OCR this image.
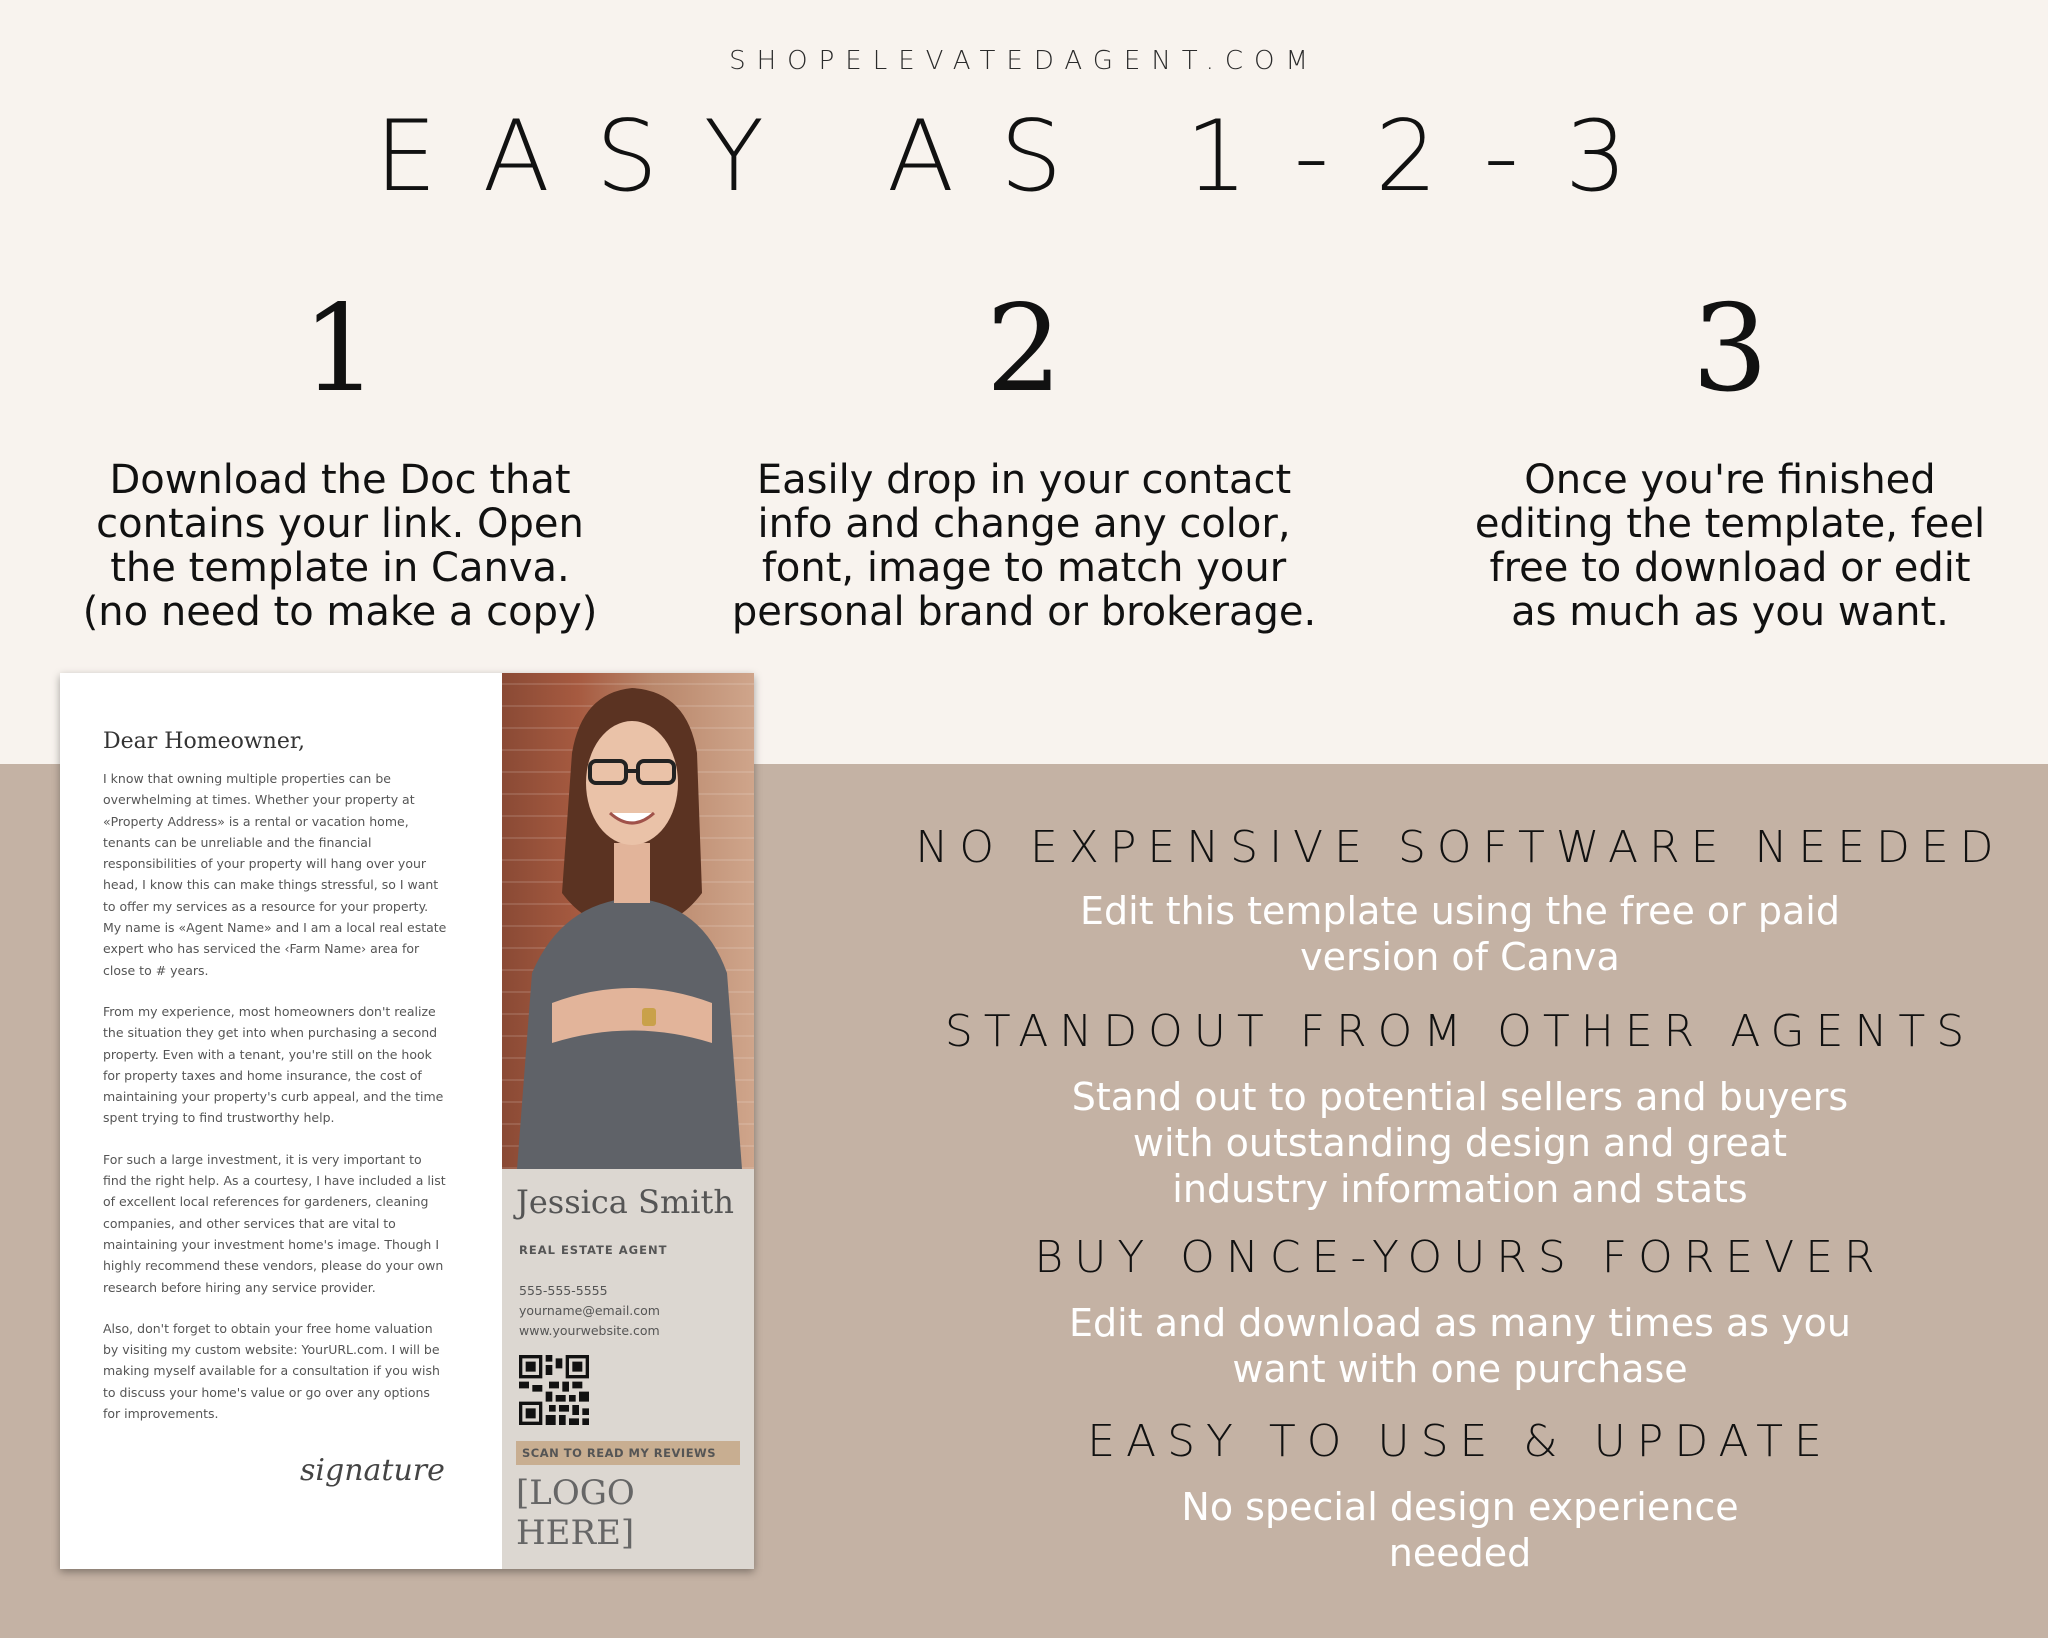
SHOPELEVATEDAGENT.COM
EASY AS 1-2-3
1
Download the Doc that
contains your link. Open
the template in Canva.
(no need to make a copy)
2
Easily drop in your contact
info and change any color,
font, image to match your
personal brand or brokerage.
3
Once you're finished
editing the template, feel
free to download or edit
as much as you want.
Dear Homeowner,

I know that owning multiple properties can be
overwhelming at times. Whether your property at
«Property Address» is a rental or vacation home,
tenants can be unreliable and the financial
responsibilities of your property will hang over your
head, I know this can make things stressful, so I want
to offer my services as a resource for your property.
My name is «Agent Name» and I am a local real estate
expert who has serviced the ‹Farm Name› area for
close to # years.

From my experience, most homeowners don't realize
the situation they get into when purchasing a second
property. Even with a tenant, you're still on the hook
for property taxes and home insurance, the cost of
maintaining your property's curb appeal, and the time
spent trying to find trustworthy help.

For such a large investment, it is very important to
find the right help. As a courtesy, I have included a list
of excellent local references for gardeners, cleaning
companies, and other services that are vital to
maintaining your investment home's image. Though I
highly recommend these vendors, please do your own
research before hiring any service provider.

Also, don't forget to obtain your free home valuation
by visiting my custom website: YourURL.com. I will be
making myself available for a consultation if you wish
to discuss your home's value or go over any options
for improvements.

signature
Jessica Smith
REAL ESTATE AGENT
555-555-5555
yourname@email.com
www.yourwebsite.com
SCAN TO READ MY REVIEWS
[LOGO HERE]
NO EXPENSIVE SOFTWARE NEEDED
Edit this template using the free or paid
version of Canva
STANDOUT FROM OTHER AGENTS
Stand out to potential sellers and buyers
with outstanding design and great
industry information and stats
BUY ONCE-YOURS FOREVER
Edit and download as many times as you
want with one purchase
EASY TO USE & UPDATE
No special design experience
needed
